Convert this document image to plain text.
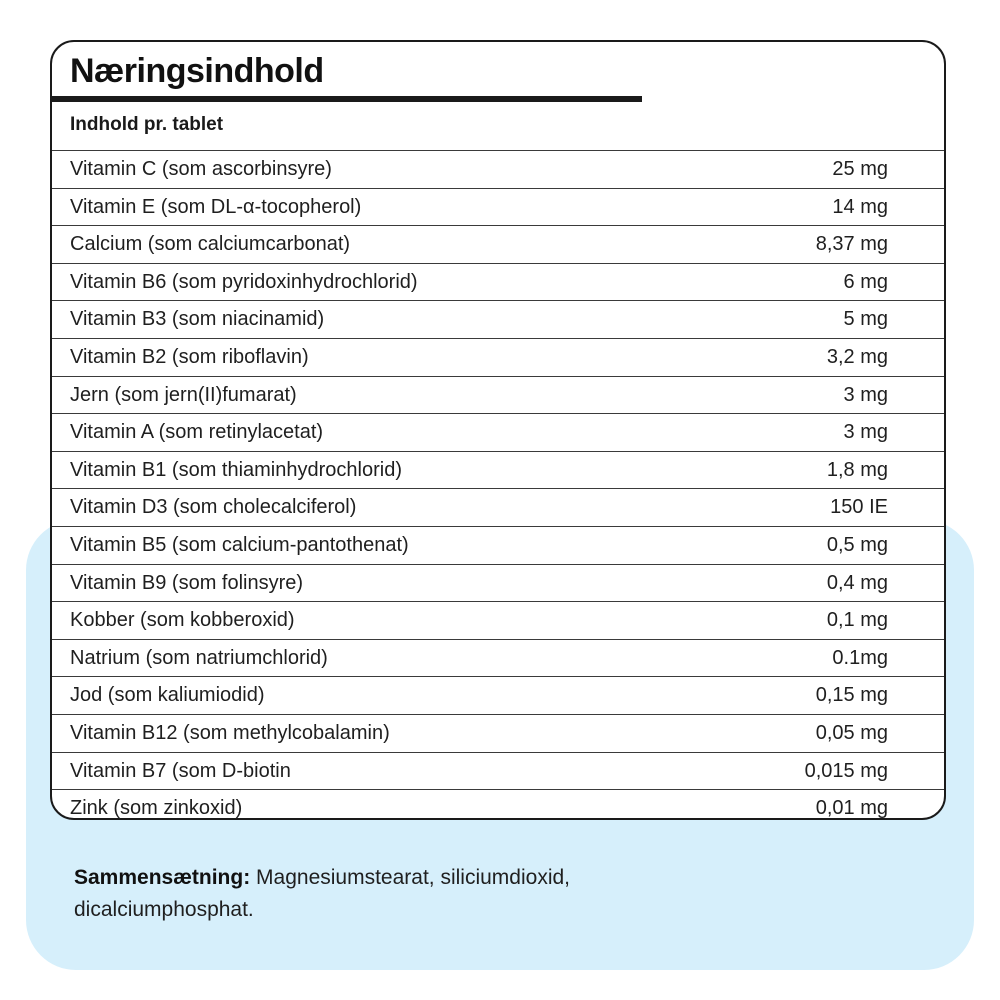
Næringsindhold
Indhold pr. tablet
Vitamin C (som ascorbinsyre)	25 mg
Vitamin E (som DL-α-tocopherol)	14 mg
Calcium (som calciumcarbonat)	8,37 mg
Vitamin B6 (som pyridoxinhydrochlorid)	6 mg
Vitamin B3 (som niacinamid)	5 mg
Vitamin B2 (som riboflavin)	3,2 mg
Jern (som jern(II)fumarat)	3 mg
Vitamin A (som retinylacetat)	3 mg
Vitamin B1 (som thiaminhydrochlorid)	1,8 mg
Vitamin D3 (som cholecalciferol)	150 IE
Vitamin B5 (som calcium-pantothenat)	0,5 mg
Vitamin B9 (som folinsyre)	0,4 mg
Kobber (som kobberoxid)	0,1 mg
Natrium (som natriumchlorid)	0.1mg
Jod (som kaliumiodid)	0,15 mg
Vitamin B12 (som methylcobalamin)	0,05 mg
Vitamin B7 (som D-biotin	0,015 mg
Zink (som zinkoxid)	0,01 mg
Sammensætning: Magnesiumstearat, siliciumdioxid, dicalciumphosphat.
